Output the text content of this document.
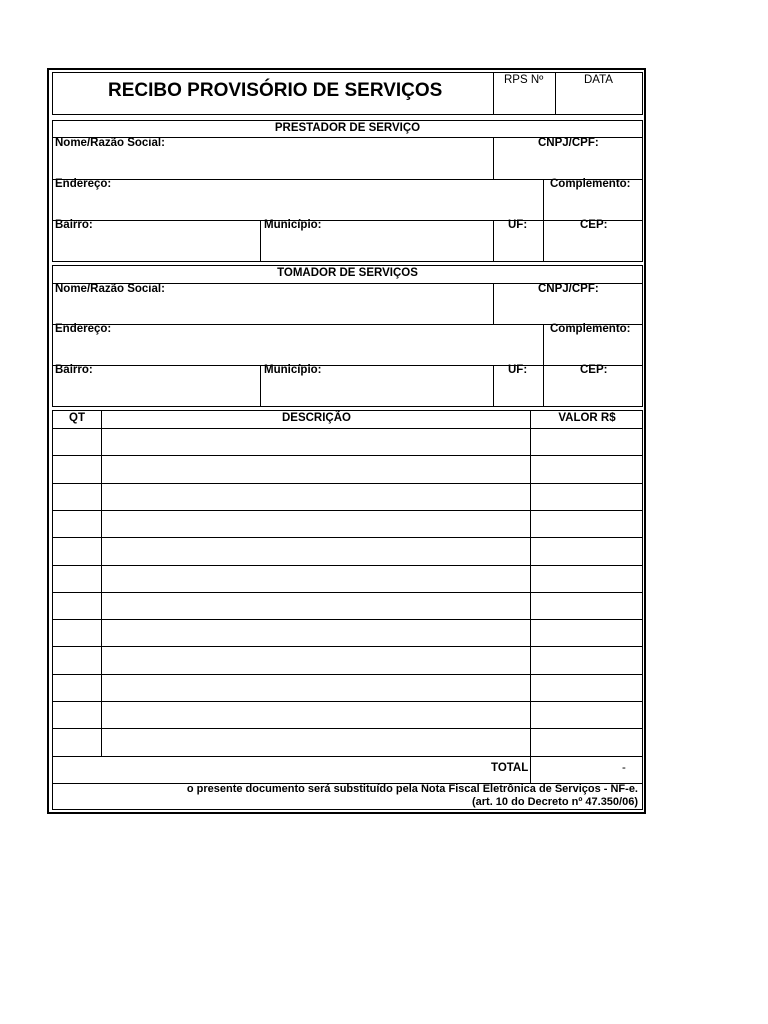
RECIBO PROVISÓRIO DE SERVIÇOS	RPS Nº	DATA
PRESTADOR DE SERVIÇO
Nome/Razão Social:	CNPJ/CPF:
Endereço:	Complemento:
Bairro:	Município:	UF:	CEP:
TOMADOR DE SERVIÇOS
Nome/Razão Social:	CNPJ/CPF:
Endereço:	Complemento:
Bairro:	Município:	UF:	CEP:
QT	DESCRIÇÃO	VALOR R$
TOTAL	-
o presente documento será substituído pela Nota Fiscal Eletrônica de Serviços - NF-e.
(art. 10 do Decreto nº 47.350/06)
